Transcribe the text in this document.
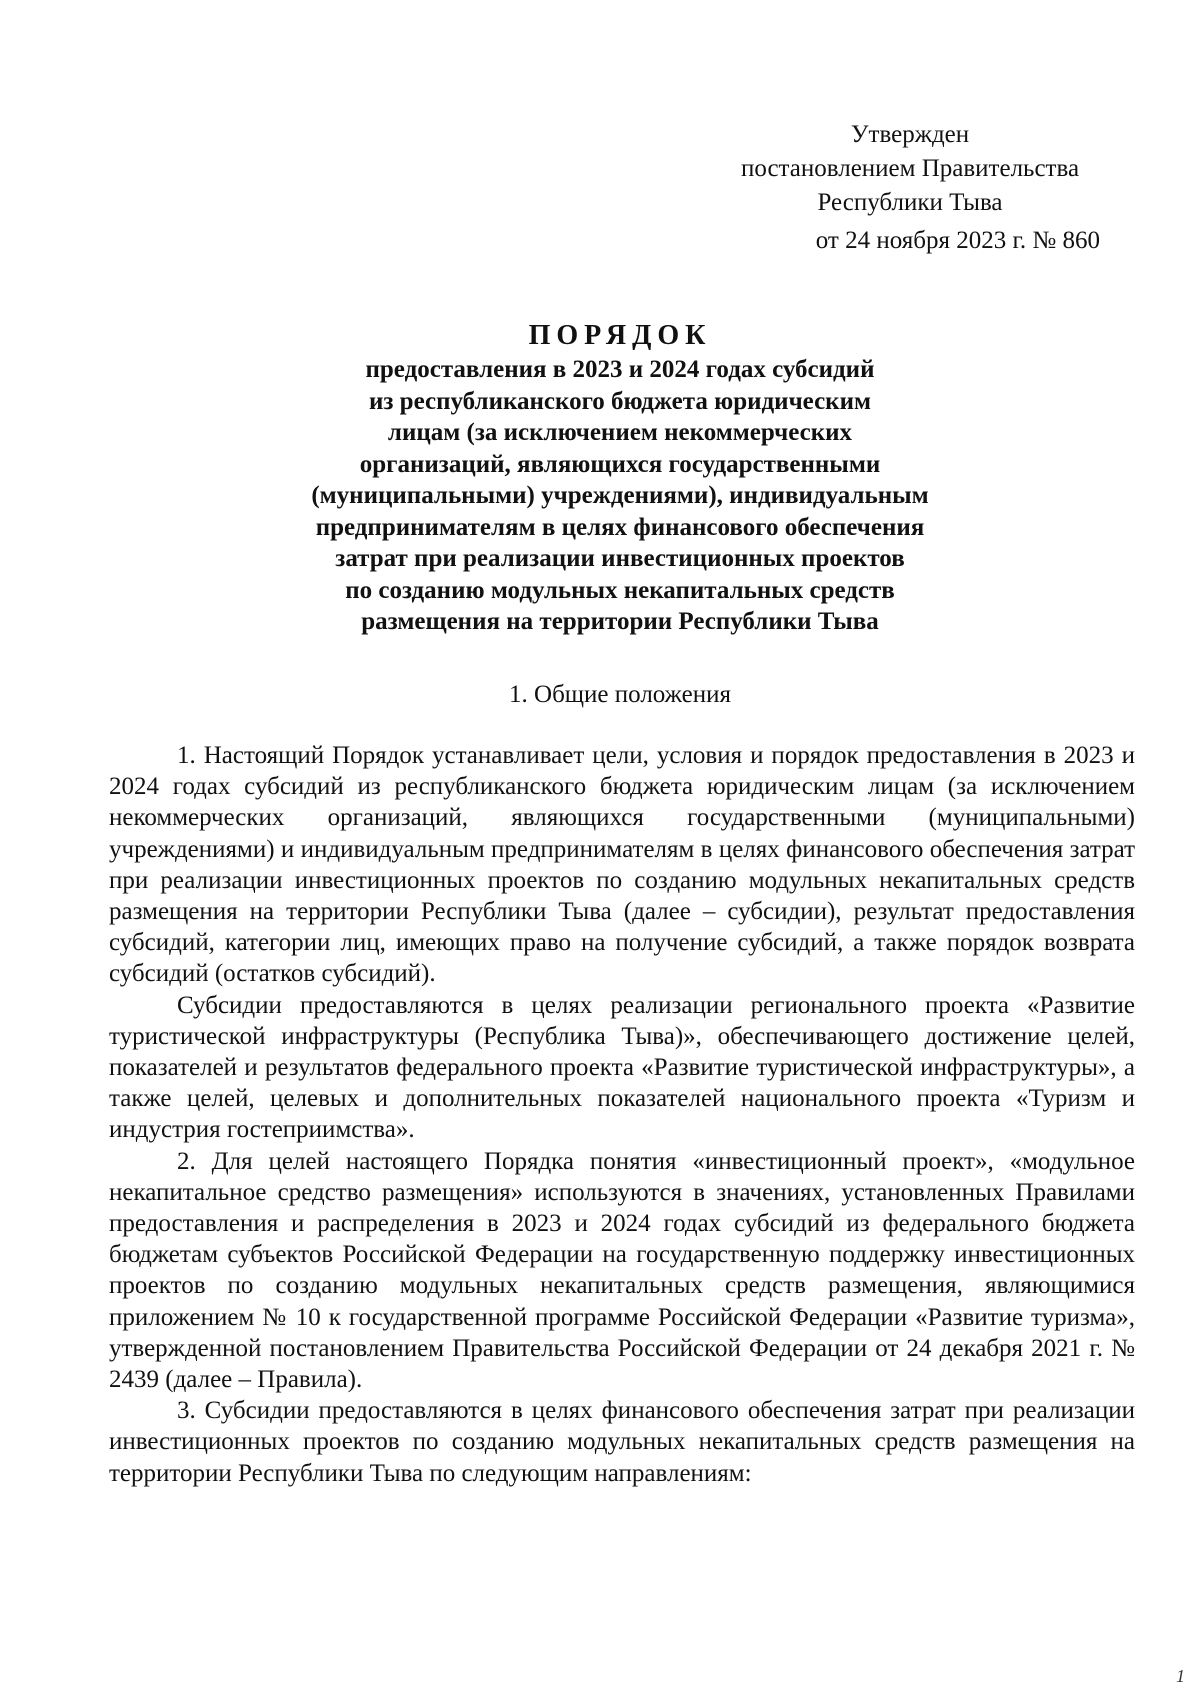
Утвержден
постановлением Правительства
Республики Тыва
от 24 ноября 2023 г. № 860
ПОРЯДОК
предоставления в 2023 и 2024 годах субсидий
из республиканского бюджета юридическим
лицам (за исключением некоммерческих
организаций, являющихся государственными
(муниципальными) учреждениями), индивидуальным
предпринимателям в целях финансового обеспечения
затрат при реализации инвестиционных проектов
по созданию модульных некапитальных средств
размещения на территории Республики Тыва
1. Общие положения

1. Настоящий Порядок устанавливает цели, условия и порядок предоставления в 2023 и 2024 годах субсидий из республиканского бюджета юридическим лицам (за исключением некоммерческих организаций, являющихся государственными (муниципальными) учреждениями) и индивидуальным предпринимателям в целях финансового обеспечения затрат при реализации инвестиционных проектов по созданию модульных некапитальных средств размещения на территории Республики Тыва (далее – субсидии), результат предоставления субсидий, категории лиц, имеющих право на получение субсидий, а также порядок возврата субсидий (остатков субсидий).

Субсидии предоставляются в целях реализации регионального проекта «Развитие туристической инфраструктуры (Республика Тыва)», обеспечивающего достижение целей, показателей и результатов федерального проекта «Развитие туристической инфраструктуры», а также целей, целевых и дополнительных показателей национального проекта «Туризм и индустрия гостеприимства».

2. Для целей настоящего Порядка понятия «инвестиционный проект», «модульное некапитальное средство размещения» используются в значениях, установленных Правилами предоставления и распределения в 2023 и 2024 годах субсидий из федерального бюджета бюджетам субъектов Российской Федерации на государственную поддержку инвестиционных проектов по созданию модульных некапитальных средств размещения, являющимися приложением № 10 к государственной программе Российской Федерации «Развитие туризма», утвержденной постановлением Правительства Российской Федерации от 24 декабря 2021 г. № 2439 (далее – Правила).

3. Субсидии предоставляются в целях финансового обеспечения затрат при реализации инвестиционных проектов по созданию модульных некапитальных средств размещения на территории Республики Тыва по следующим направлениям:

1
